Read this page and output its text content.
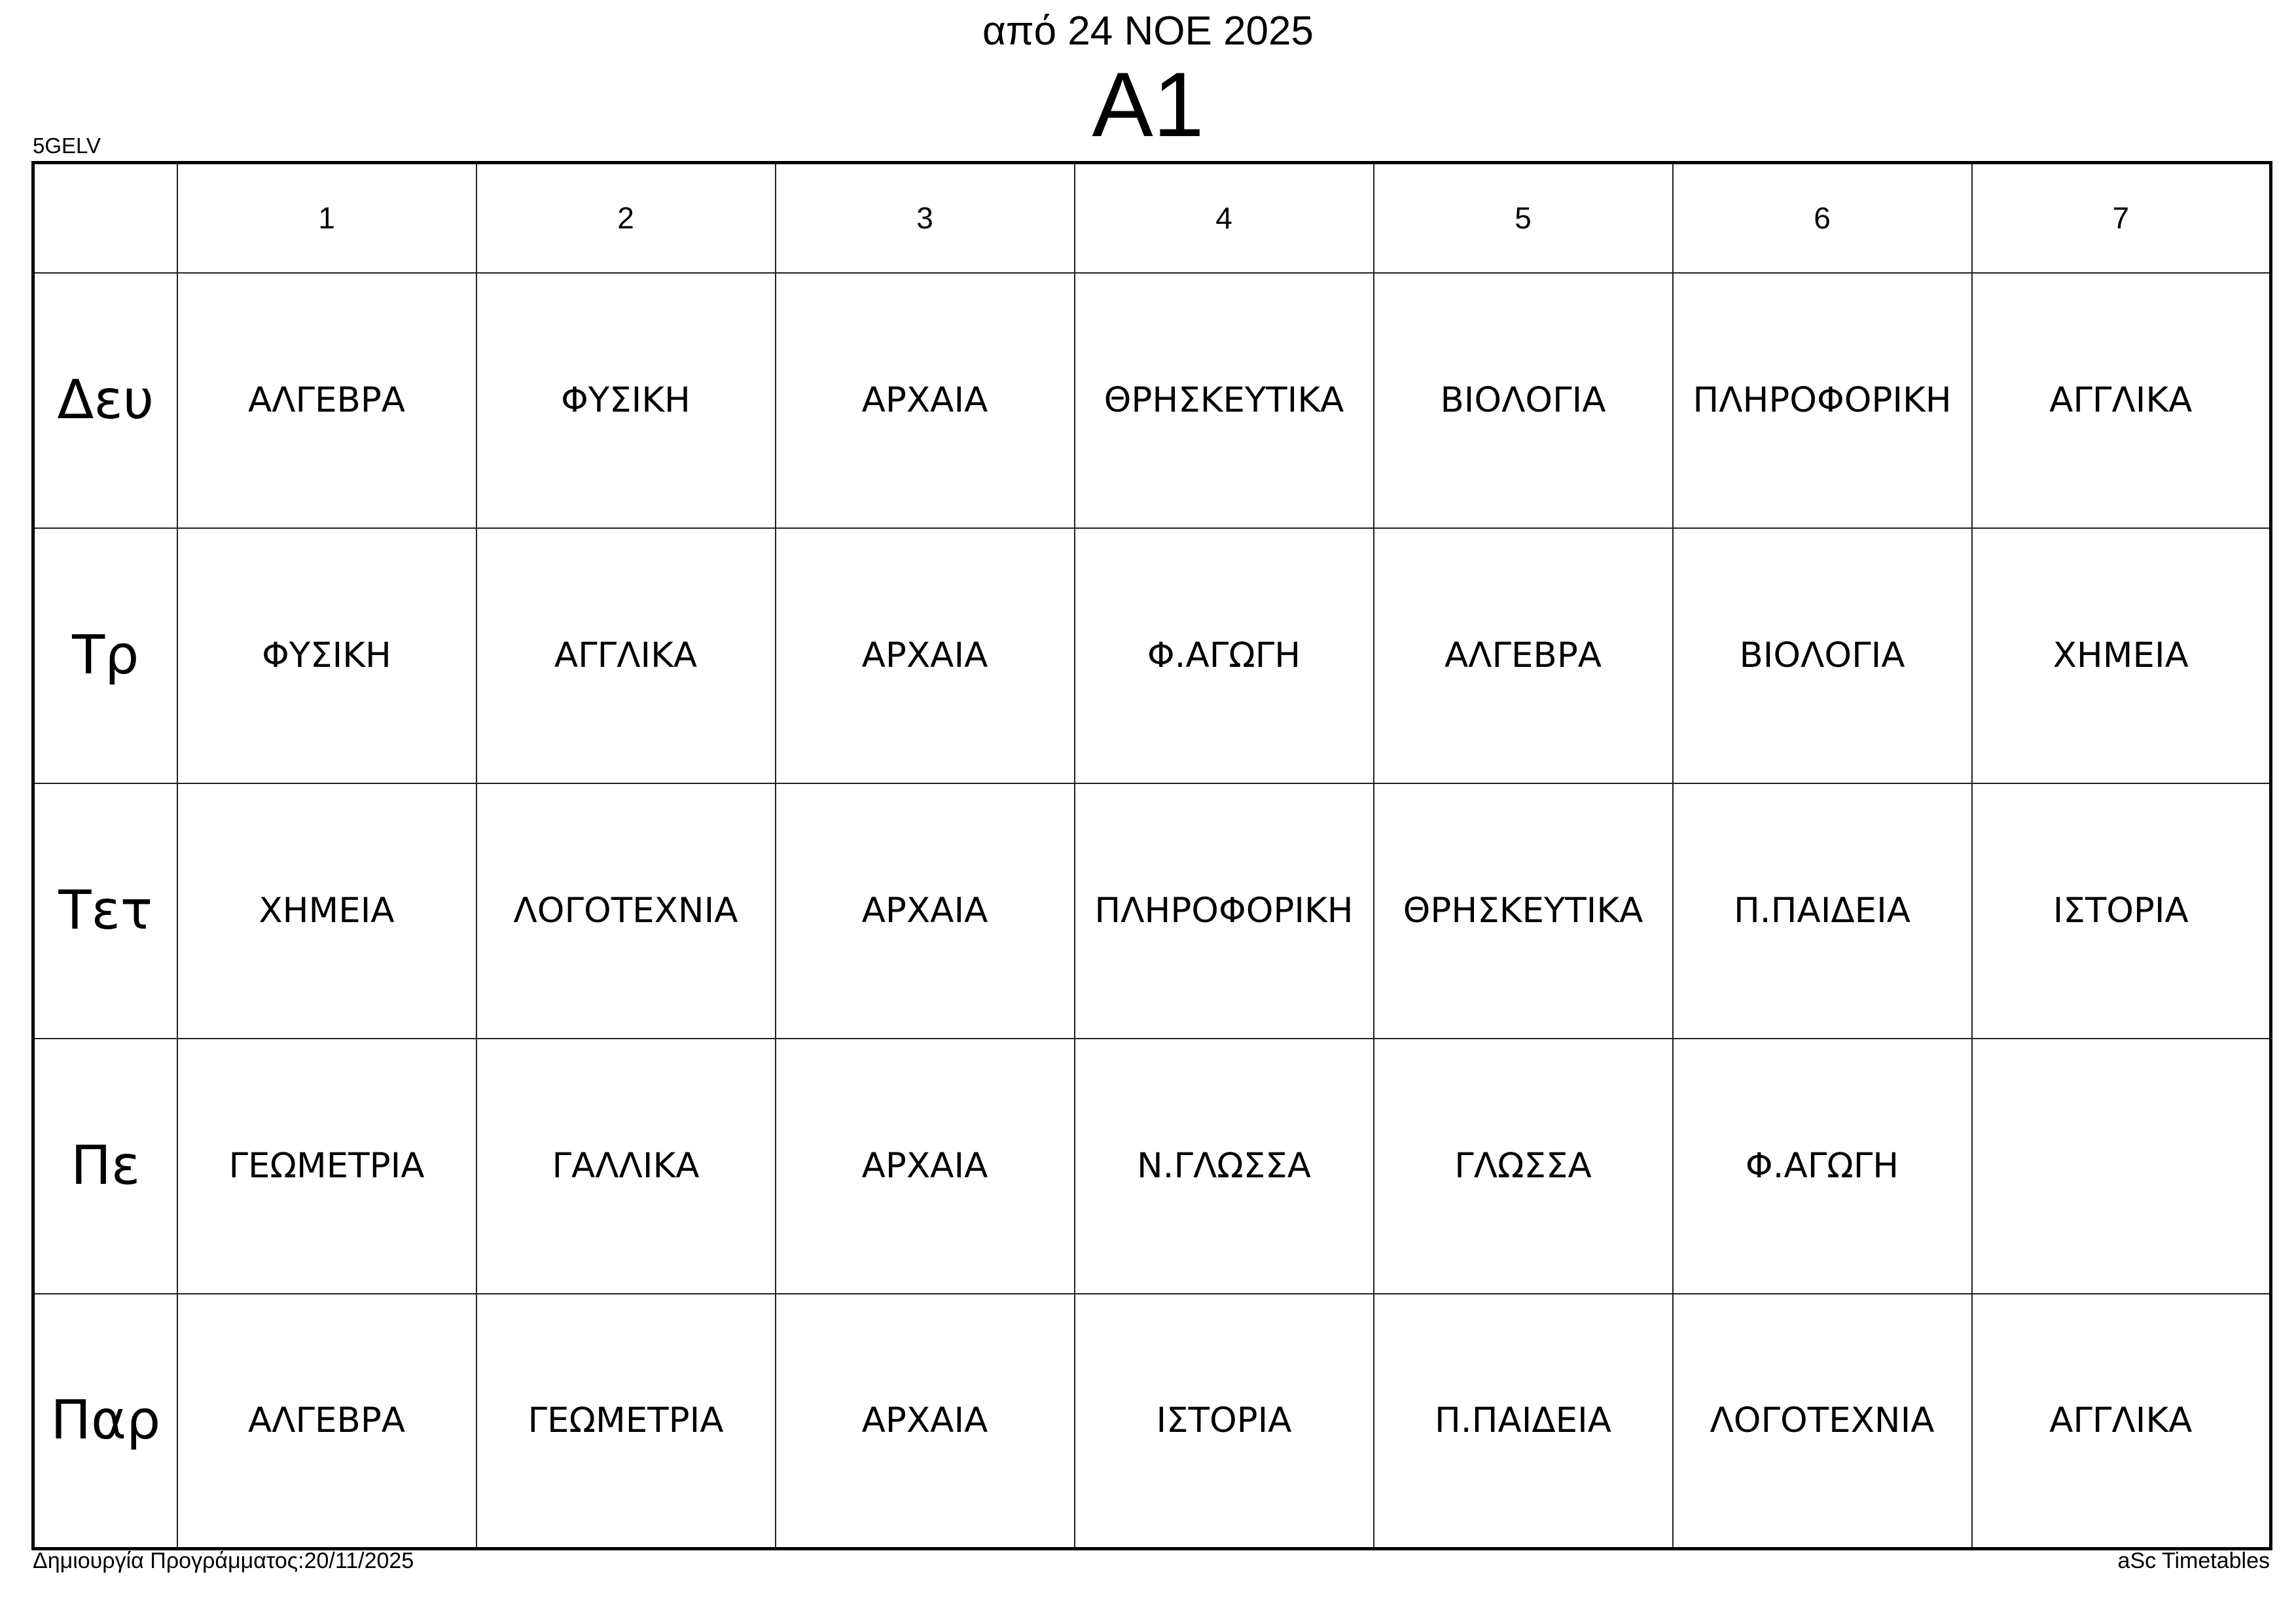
από 24 ΝΟΕ 2025
A1
5GELV
	1	2	3	4	5	6	7
Δευ	ΑΛΓΕΒΡΑ	ΦΥΣΙΚΗ	ΑΡΧΑΙΑ	ΘΡΗΣΚΕΥΤΙΚΑ	ΒΙΟΛΟΓΙΑ	ΠΛΗΡΟΦΟΡΙΚΗ	ΑΓΓΛΙΚΑ
Τρ	ΦΥΣΙΚΗ	ΑΓΓΛΙΚΑ	ΑΡΧΑΙΑ	Φ.ΑΓΩΓΗ	ΑΛΓΕΒΡΑ	ΒΙΟΛΟΓΙΑ	ΧΗΜΕΙΑ
Τετ	ΧΗΜΕΙΑ	ΛΟΓΟΤΕΧΝΙΑ	ΑΡΧΑΙΑ	ΠΛΗΡΟΦΟΡΙΚΗ	ΘΡΗΣΚΕΥΤΙΚΑ	Π.ΠΑΙΔΕΙΑ	ΙΣΤΟΡΙΑ
Πε	ΓΕΩΜΕΤΡΙΑ	ΓΑΛΛΙΚΑ	ΑΡΧΑΙΑ	Ν.ΓΛΩΣΣΑ	ΓΛΩΣΣΑ	Φ.ΑΓΩΓΗ	
Παρ	ΑΛΓΕΒΡΑ	ΓΕΩΜΕΤΡΙΑ	ΑΡΧΑΙΑ	ΙΣΤΟΡΙΑ	Π.ΠΑΙΔΕΙΑ	ΛΟΓΟΤΕΧΝΙΑ	ΑΓΓΛΙΚΑ
Δημιουργία Προγράμματος:20/11/2025	aSc Timetables
